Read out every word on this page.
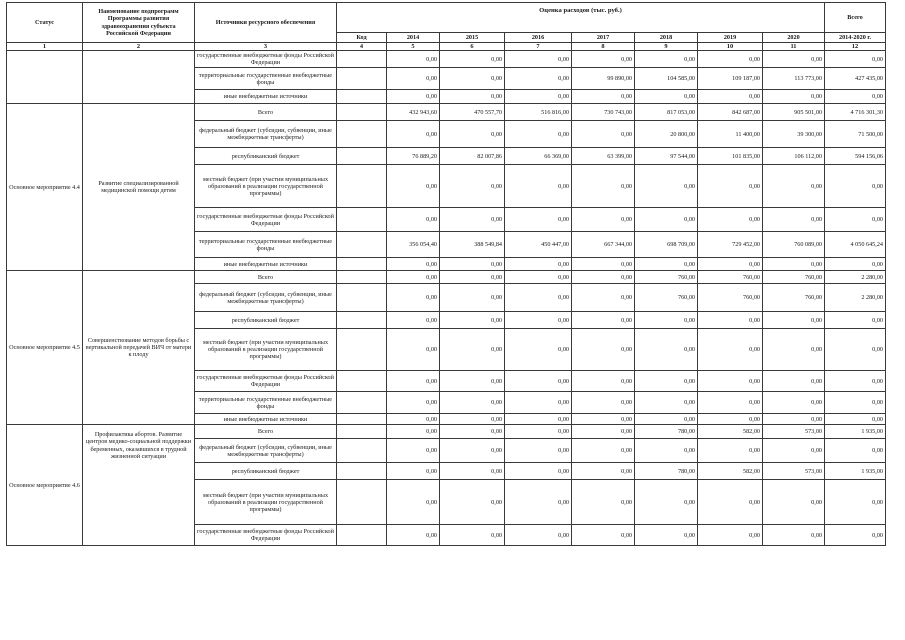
Статус	Наименование подпрограмм Программы развития здравоохранения субъекта Российской Федерации	Источники ресурсного обеспечения	Оценка расходов (тыс. руб.)								Всего
			Код	2014	2015	2016	2017	2018	2019	2020	2014-2020 г.
1	2	3	4	5	6	7	8	9	10	11	12
		государственные внебюджетные фонды Российской Федерации		0,00	0,00	0,00	0,00	0,00	0,00	0,00	0,00
		территориальные государственные внебюджетные фонды		0,00	0,00	0,00	99 890,00	104 585,00	109 187,00	113 773,00	427 435,00
		иные внебюджетные источники		0,00	0,00	0,00	0,00	0,00	0,00	0,00	0,00
Основное мероприятие 4.4	Развитие специализированной медицинской помощи детям	Всего		432 943,60	470 557,70	516 816,00	730 743,00	817 053,00	842 687,00	905 501,00	4 716 301,30
		федеральный бюджет (субсидии, субвенции, иные межбюджетные трансферты)		0,00	0,00	0,00	0,00	20 800,00	11 400,00	39 300,00	71 500,00
		республиканский бюджет		76 889,20	82 007,86	66 369,00	63 399,00	97 544,00	101 835,00	106 112,00	594 156,06
		местный бюджет (при участии муниципальных образований в реализации государственной программы)		0,00	0,00	0,00	0,00	0,00	0,00	0,00	0,00
		государственные внебюджетные фонды Российской Федерации		0,00	0,00	0,00	0,00	0,00	0,00	0,00	0,00
		территориальные государственные внебюджетные фонды		356 054,40	388 549,84	450 447,00	667 344,00	698 709,00	729 452,00	760 089,00	4 050 645,24
		иные внебюджетные источники		0,00	0,00	0,00	0,00	0,00	0,00	0,00	0,00
Основное мероприятие 4.5	Совершенствование методов борьбы с вертикальной передачей ВИЧ от матери к плоду	Всего		0,00	0,00	0,00	0,00	760,00	760,00	760,00	2 280,00
		федеральный бюджет (субсидии, субвенции, иные межбюджетные трансферты)		0,00	0,00	0,00	0,00	760,00	760,00	760,00	2 280,00
		республиканский бюджет		0,00	0,00	0,00	0,00	0,00	0,00	0,00	0,00
		местный бюджет (при участии муниципальных образований в реализации государственной программы)		0,00	0,00	0,00	0,00	0,00	0,00	0,00	0,00
		государственные внебюджетные фонды Российской Федерации		0,00	0,00	0,00	0,00	0,00	0,00	0,00	0,00
		территориальные государственные внебюджетные фонды		0,00	0,00	0,00	0,00	0,00	0,00	0,00	0,00
		иные внебюджетные источники		0,00	0,00	0,00	0,00	0,00	0,00	0,00	0,00
Основное мероприятие 4.6	Профилактика абортов. Развитие центров медико-социальной поддержки беременных, оказавшихся в трудной жизненной ситуации	Всего		0,00	0,00	0,00	0,00	780,00	582,00	573,00	1 935,00
		федеральный бюджет (субсидии, субвенции, иные межбюджетные трансферты)		0,00	0,00	0,00	0,00	0,00	0,00	0,00	0,00
		республиканский бюджет		0,00	0,00	0,00	0,00	780,00	582,00	573,00	1 935,00
		местный бюджет (при участии муниципальных образований в реализации государственной программы)		0,00	0,00	0,00	0,00	0,00	0,00	0,00	0,00
		государственные внебюджетные фонды Российской Федерации		0,00	0,00	0,00	0,00	0,00	0,00	0,00	0,00
